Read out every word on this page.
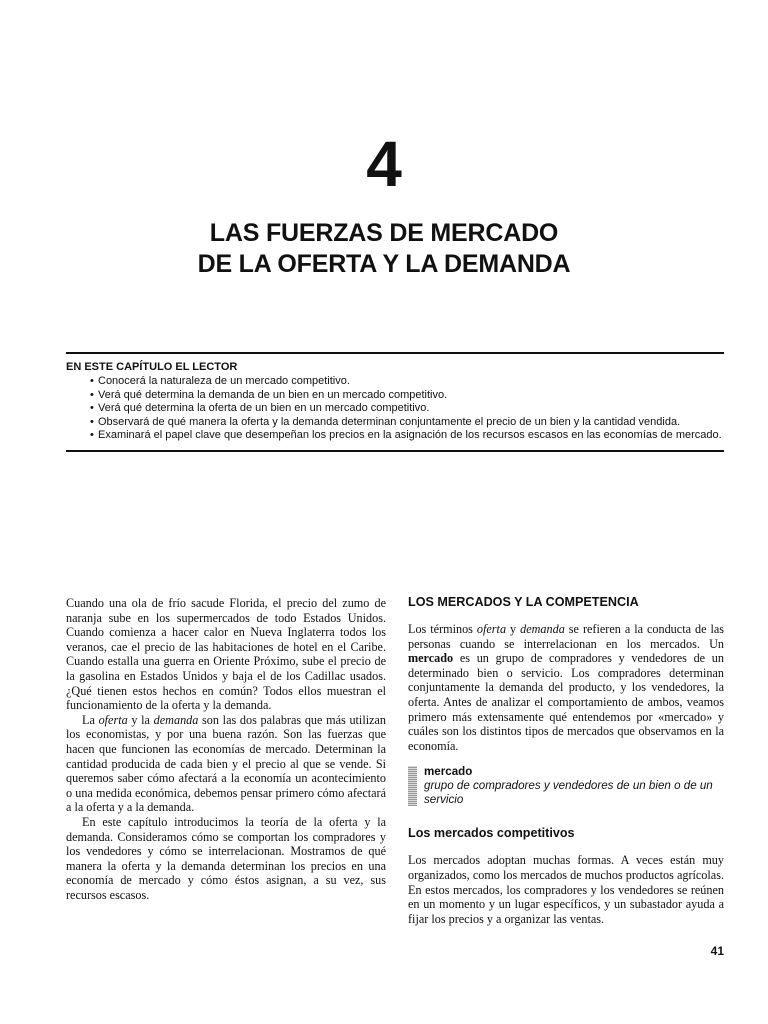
4
LAS FUERZAS DE MERCADO
DE LA OFERTA Y LA DEMANDA
EN ESTE CAPÍTULO EL LECTOR
• Conocerá la naturaleza de un mercado competitivo.
• Verá qué determina la demanda de un bien en un mercado competitivo.
• Verá qué determina la oferta de un bien en un mercado competitivo.
• Observará de qué manera la oferta y la demanda determinan conjuntamente el precio de un bien y la cantidad vendida.
• Examinará el papel clave que desempeñan los precios en la asignación de los recursos escasos en las economías de mercado.

Cuando una ola de frío sacude Florida, el precio del zumo de naranja sube en los supermercados de todo Estados Unidos. Cuando comienza a hacer calor en Nueva Inglaterra todos los veranos, cae el precio de las habitaciones de hotel en el Caribe. Cuando estalla una guerra en Oriente Próximo, sube el precio de la gasolina en Estados Unidos y baja el de los Cadillac usados. ¿Qué tienen estos hechos en común? Todos ellos muestran el funcionamiento de la oferta y la demanda.

La oferta y la demanda son las dos palabras que más utilizan los economistas, y por una buena razón. Son las fuerzas que hacen que funcionen las economías de mercado. Determinan la cantidad producida de cada bien y el precio al que se vende. Si queremos saber cómo afectará a la economía un acontecimiento o una medida económica, debemos pensar primero cómo afectará a la oferta y a la demanda.

En este capítulo introducimos la teoría de la oferta y la demanda. Consideramos cómo se comportan los compradores y los vendedores y cómo se interrelacionan. Mostramos de qué manera la oferta y la demanda determinan los precios en una economía de mercado y cómo éstos asignan, a su vez, sus recursos escasos.

LOS MERCADOS Y LA COMPETENCIA

Los términos oferta y demanda se refieren a la conducta de las personas cuando se interrelacionan en los mercados. Un mercado es un grupo de compradores y vendedores de un determinado bien o servicio. Los compradores determinan conjuntamente la demanda del producto, y los vendedores, la oferta. Antes de analizar el comportamiento de ambos, veamos primero más extensamente qué entendemos por «mercado» y cuáles son los distintos tipos de mercados que observamos en la economía.

mercado
grupo de compradores y vendedores de un bien o de un servicio
Los mercados competitivos

Los mercados adoptan muchas formas. A veces están muy organizados, como los mercados de muchos productos agrícolas. En estos mercados, los compradores y los vendedores se reúnen en un momento y un lugar específicos, y un subastador ayuda a fijar los precios y a organizar las ventas.

41
